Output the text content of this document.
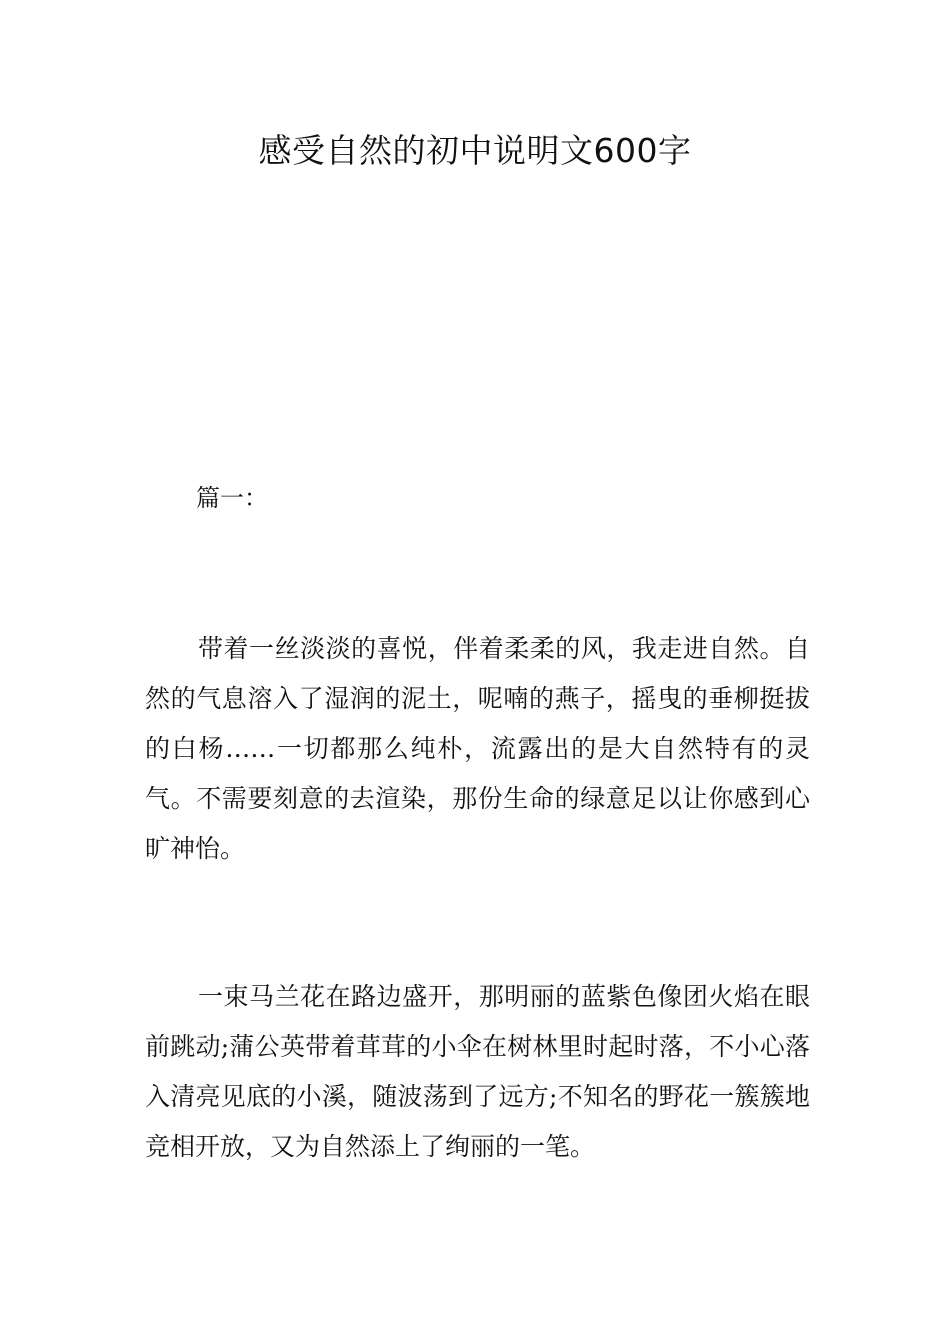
感受自然的初中说明文600字

篇一：

带着一丝淡淡的喜悦，伴着柔柔的风，我走进自然。自然的气息溶入了湿润的泥土，呢喃的燕子，摇曳的垂柳挺拔的白杨……一切都那么纯朴，流露出的是大自然特有的灵气。不需要刻意的去渲染，那份生命的绿意足以让你感到心旷神怡。

一束马兰花在路边盛开，那明丽的蓝紫色像团火焰在眼前跳动;蒲公英带着茸茸的小伞在树林里时起时落，不小心落入清亮见底的小溪，随波荡到了远方;不知名的野花一簇簇地竞相开放，又为自然添上了绚丽的一笔。
